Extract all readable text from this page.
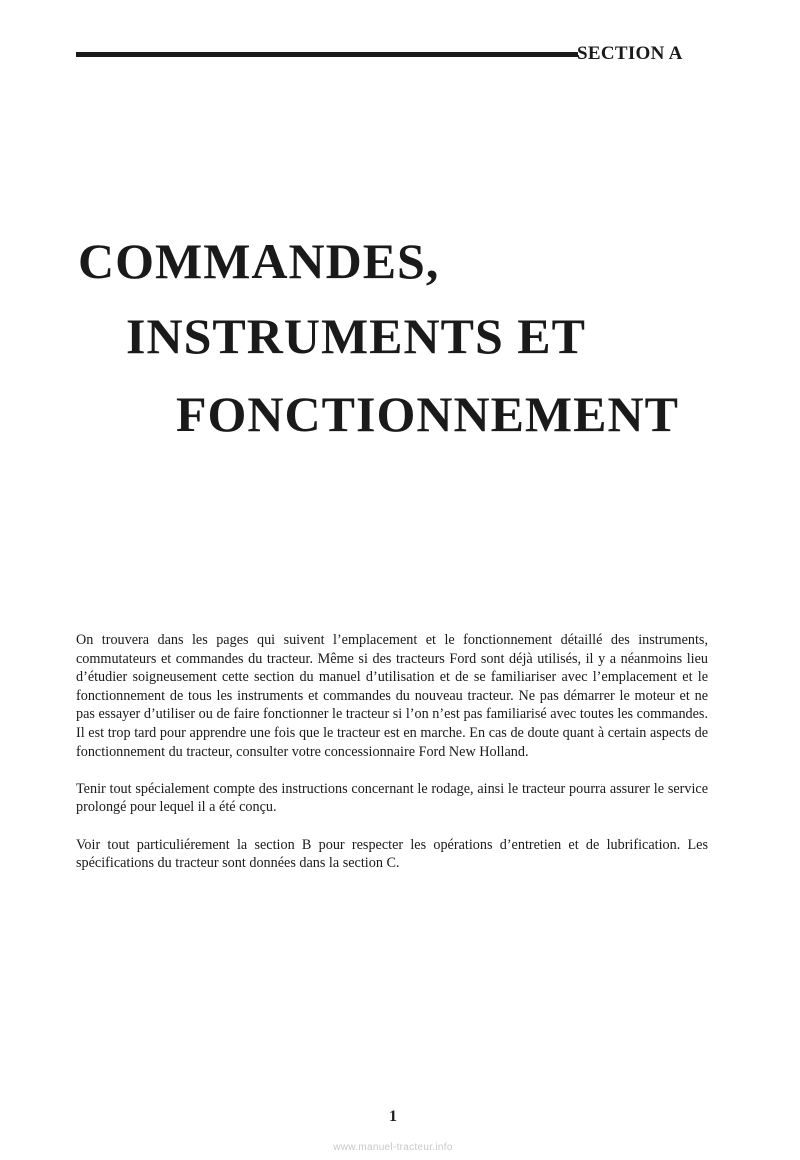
SECTION A
COMMANDES,
INSTRUMENTS ET
FONCTIONNEMENT

On trouvera dans les pages qui suivent l’emplacement et le fonctionnement détaillé des instruments, commutateurs et commandes du tracteur. Même si des tracteurs Ford sont déjà utilisés, il y a néanmoins lieu d’étudier soigneusement cette section du manuel d’utilisation et de se familiariser avec l’emplacement et le fonctionnement de tous les instruments et commandes du nouveau tracteur. Ne pas démarrer le moteur et ne pas essayer d’utiliser ou de faire fonctionner le tracteur si l’on n’est pas familiarisé avec toutes les commandes. Il est trop tard pour apprendre une fois que le tracteur est en marche. En cas de doute quant à certain aspects de fonctionnement du tracteur, consulter votre concessionnaire Ford New Holland.

Tenir tout spécialement compte des instructions concernant le rodage, ainsi le tracteur pourra assurer le service prolongé pour lequel il a été conçu.

Voir tout particuliérement la section B pour respecter les opérations d’entretien et de lubrification. Les spécifications du tracteur sont données dans la section C.

1
www.manuel-tracteur.info
